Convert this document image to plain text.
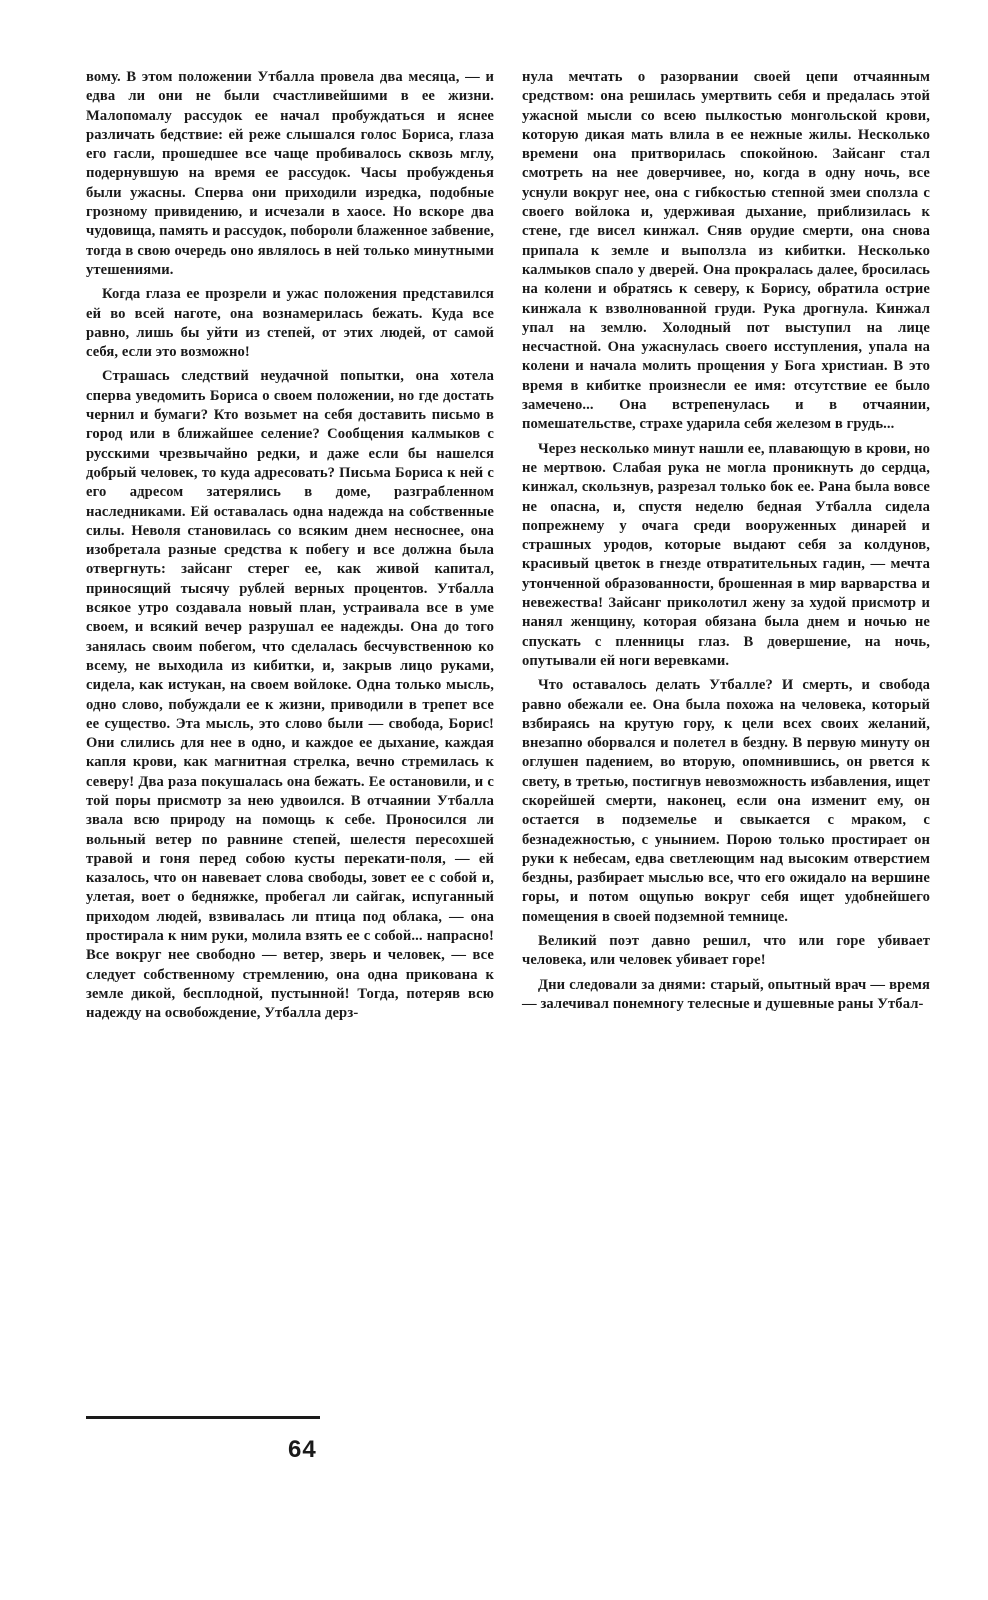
вому. В этом положении Утбалла провела два месяца, — и едва ли они не были счастливейшими в ее жизни. Малопомалу рассудок ее начал пробуждаться и яснее различать бедствие: ей реже слышался голос Бориса, глаза его гасли, прошедшее все чаще пробивалось сквозь мглу, подернувшую на время ее рассудок. Часы пробужденья были ужасны. Сперва они приходили изредка, подобные грозному привидению, и исчезали в хаосе. Но вскоре два чудовища, память и рассудок, побороли блаженное забвение, тогда в свою очередь оно являлось в ней только минутными утешениями.

Когда глаза ее прозрели и ужас положения представился ей во всей наготе, она вознамерилась бежать. Куда все равно, лишь бы уйти из степей, от этих людей, от самой себя, если это возможно!

Страшась следствий неудачной попытки, она хотела сперва уведомить Бориса о своем положении, но где достать чернил и бумаги? Кто возьмет на себя доставить письмо в город или в ближайшее селение? Сообщения калмыков с русскими чрезвычайно редки, и даже если бы нашелся добрый человек, то куда адресовать? Письма Бориса к ней с его адресом затерялись в доме, разграбленном наследниками. Ей оставалась одна надежда на собственные силы. Неволя становилась со всяким днем несноснее, она изобретала разные средства к побегу и все должна была отвергнуть: зайсанг стерег ее, как живой капитал, приносящий тысячу рублей верных процентов. Утбалла всякое утро создавала новый план, устраивала все в уме своем, и всякий вечер разрушал ее надежды. Она до того занялась своим побегом, что сделалась бесчувственною ко всему, не выходила из кибитки, и, закрыв лицо руками, сидела, как истукан, на своем войлоке. Одна только мысль, одно слово, побуждали ее к жизни, приводили в трепет все ее существо. Эта мысль, это слово были — свобода, Борис! Они слились для нее в одно, и каждое ее дыхание, каждая капля крови, как магнитная стрелка, вечно стремилась к северу! Два раза покушалась она бежать. Ее остановили, и с той поры присмотр за нею удвоился. В отчаянии Утбалла звала всю природу на помощь к себе. Проносился ли вольный ветер по равнине степей, шелестя пересохшей травой и гоня перед собою кусты перекати-поля, — ей казалось, что он навевает слова свободы, зовет ее с собой и, улетая, воет о бедняжке, пробегал ли сайгак, испуганный приходом людей, взвивалась ли птица под облака, — она простирала к ним руки, молила взять ее с собой... напрасно! Все вокруг нее свободно — ветер, зверь и человек, — все следует собственному стремлению, она одна прикована к земле дикой, бесплодной, пустынной! Тогда, потеряв всю надежду на освобождение, Утбалла дерз-

нула мечтать о разорвании своей цепи отчаянным средством: она решилась умертвить себя и предалась этой ужасной мысли со всею пылкостью монгольской крови, которую дикая мать влила в ее нежные жилы. Несколько времени она притворилась спокойною. Зайсанг стал смотреть на нее доверчивее, но, когда в одну ночь, все уснули вокруг нее, она с гибкостью степной змеи сползла с своего войлока и, удерживая дыхание, приблизилась к стене, где висел кинжал. Сняв орудие смерти, она снова припала к земле и выползла из кибитки. Несколько калмыков спало у дверей. Она прокралась далее, бросилась на колени и обратясь к северу, к Борису, обратила острие кинжала к взволнованной груди. Рука дрогнула. Кинжал упал на землю. Холодный пот выступил на лице несчастной. Она ужаснулась своего исступления, упала на колени и начала молить прощения у Бога христиан. В это время в кибитке произнесли ее имя: отсутствие ее было замечено... Она встрепенулась и в отчаянии, помешательстве, страхе ударила себя железом в грудь...

Через несколько минут нашли ее, плавающую в крови, но не мертвою. Слабая рука не могла проникнуть до сердца, кинжал, скользнув, разрезал только бок ее. Рана была вовсе не опасна, и, спустя неделю бедная Утбалла сидела попрежнему у очага среди вооруженных динарей и страшных уродов, которые выдают себя за колдунов, красивый цветок в гнезде отвратительных гадин, — мечта утонченной образованности, брошенная в мир варварства и невежества! Зайсанг приколотил жену за худой присмотр и нанял женщину, которая обязана была днем и ночью не спускать с пленницы глаз. В довершение, на ночь, опутывали ей ноги веревками.

Что оставалось делать Утбалле? И смерть, и свобода равно обежали ее. Она была похожа на человека, который взбираясь на крутую гору, к цели всех своих желаний, внезапно оборвался и полетел в бездну. В первую минуту он оглушен падением, во вторую, опомнившись, он рвется к свету, в третью, постигнув невозможность избавления, ищет скорейшей смерти, наконец, если она изменит ему, он остается в подземелье и свыкается с мраком, с безнадежностью, с унынием. Порою только простирает он руки к небесам, едва светлеющим над высоким отверстием бездны, разбирает мыслью все, что его ожидало на вершине горы, и потом ощупью вокруг себя ищет удобнейшего помещения в своей подземной темнице.

Великий поэт давно решил, что или горе убивает человека, или человек убивает горе!

Дни следовали за днями: старый, опытный врач — время — залечивал понемногу телесные и душевные раны Утбал-

64
